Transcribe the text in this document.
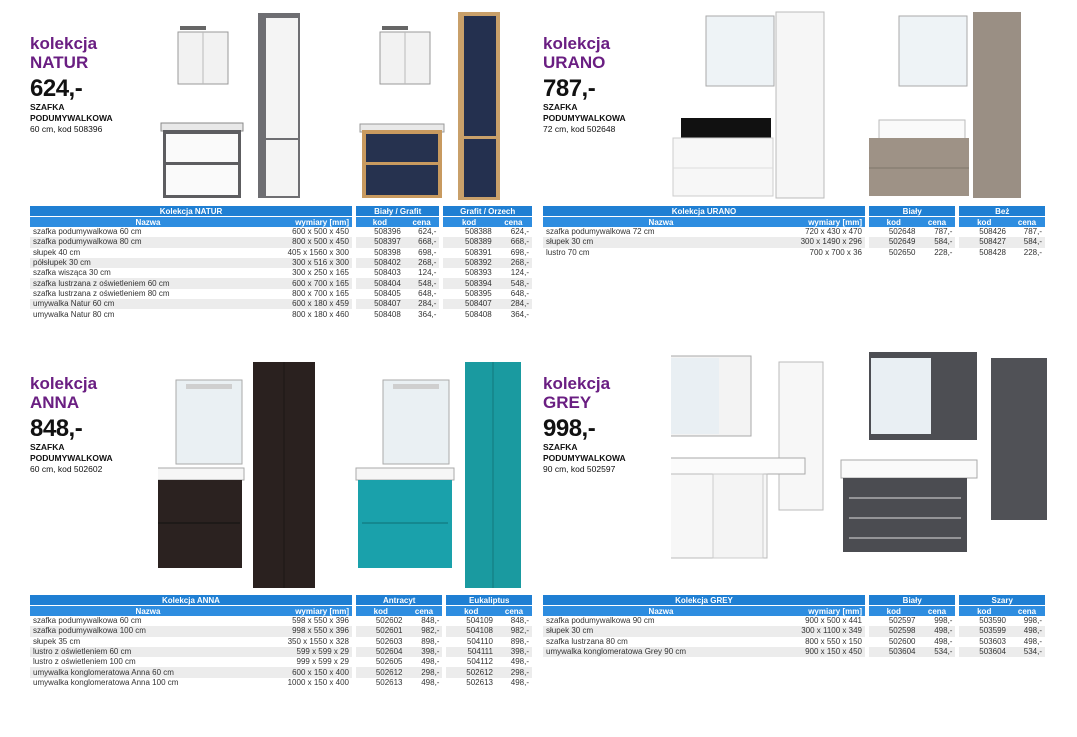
kolekcja
NATUR
624,-
SZAFKA
PODUMYWALKOWA
60 cm, kod 508396
Kolekcja NATUR		Biały / Grafit		Grafit / Orzech	
Nazwa	wymiary [mm]	kod	cena	kod	cena
szafka podumywalkowa 60 cm	600 x 500 x 450	508396	624,-	508388	624,-
szafka podumywalkowa 80 cm	800 x 500 x 450	508397	668,-	508389	668,-
słupek 40 cm	405 x 1560 x 300	508398	698,-	508391	698,-
półsłupek 30 cm	300 x 516 x 300	508402	268,-	508392	268,-
szafka wisząca 30 cm	300 x 250 x 165	508403	124,-	508393	124,-
szafka lustrzana z oświetleniem 60 cm	600 x 700 x 165	508404	548,-	508394	548,-
szafka lustrzana z oświetleniem 80 cm	800 x 700 x 165	508405	648,-	508395	648,-
umywalka Natur 60 cm	600 x 180 x 459	508407	284,-	508407	284,-
umywalka Natur 80 cm	800 x 180 x 460	508408	364,-	508408	364,-
kolekcja
URANO
787,-
SZAFKA
PODUMYWALKOWA
72 cm, kod 502648
Kolekcja URANO		Biały		Beż	
Nazwa	wymiary [mm]	kod	cena	kod	cena
szafka podumywalkowa 72 cm	720 x 430 x 470	502648	787,-	508426	787,-
słupek 30 cm	300 x 1490 x 296	502649	584,-	508427	584,-
lustro 70 cm	700 x 700 x 36	502650	228,-	508428	228,-
kolekcja
ANNA
848,-
SZAFKA
PODUMYWALKOWA
60 cm, kod 502602
Kolekcja ANNA		Antracyt		Eukaliptus	
Nazwa	wymiary [mm]	kod	cena	kod	cena
szafka podumywalkowa 60 cm	598 x 550 x 396	502602	848,-	504109	848,-
szafka podumywalkowa 100 cm	998 x 550 x 396	502601	982,-	504108	982,-
słupek 35 cm	350 x 1550 x 328	502603	898,-	504110	898,-
lustro z oświetleniem 60 cm	599 x 599 x 29	502604	398,-	504111	398,-
lustro z oświetleniem 100 cm	999 x 599 x 29	502605	498,-	504112	498,-
umywalka konglomeratowa Anna 60 cm	600 x 150 x 400	502612	298,-	502612	298,-
umywalka konglomeratowa Anna 100 cm	1000 x 150 x 400	502613	498,-	502613	498,-
kolekcja
GREY
998,-
SZAFKA
PODUMYWALKOWA
90 cm, kod 502597
Kolekcja GREY		Biały		Szary	
Nazwa	wymiary [mm]	kod	cena	kod	cena
szafka podumywalkowa 90 cm	900 x 500 x 441	502597	998,-	503590	998,-
słupek 30 cm	300 x 1100 x 349	502598	498,-	503599	498,-
szafka lustrzana 80 cm	800 x 550 x 150	502600	498,-	503603	498,-
umywalka konglomeratowa Grey 90 cm	900 x 150 x 450	503604	534,-	503604	534,-
